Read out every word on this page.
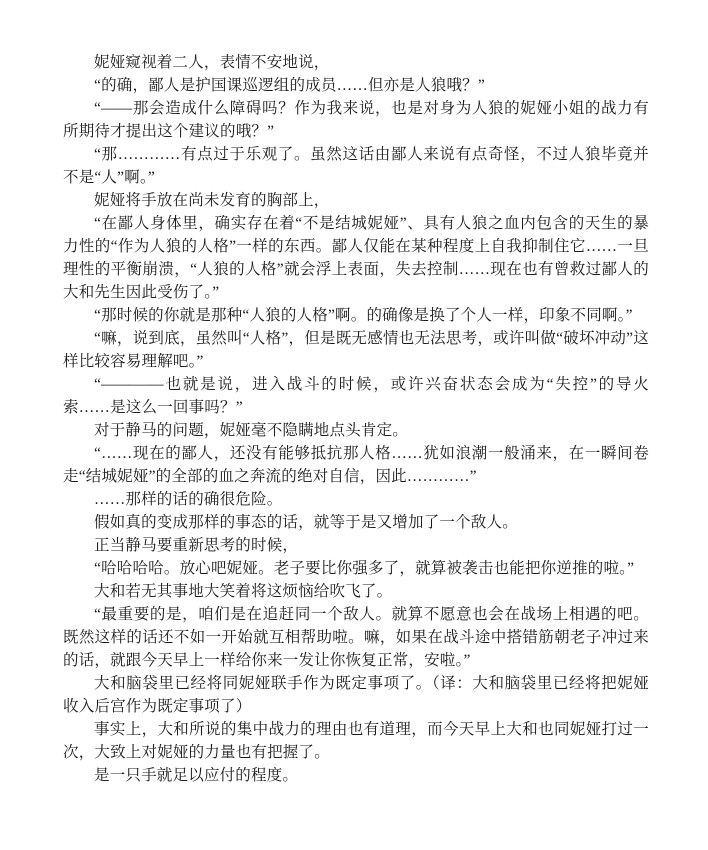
妮娅窥视着二人，表情不安地说，

“的确，鄙人是护国课巡逻组的成员……但亦是人狼哦？”

“——那会造成什么障碍吗？作为我来说，也是对身为人狼的妮娅小姐的战力有所期待才提出这个建议的哦？”

“那…………有点过于乐观了。虽然这话由鄙人来说有点奇怪，不过人狼毕竟并不是“人”啊。”

妮娅将手放在尚未发育的胸部上，

“在鄙人身体里，确实存在着“不是结城妮娅”、具有人狼之血内包含的天生的暴力性的“作为人狼的人格”一样的东西。鄙人仅能在某种程度上自我抑制住它……一旦理性的平衡崩溃，“人狼的人格”就会浮上表面，失去控制……现在也有曾救过鄙人的大和先生因此受伤了。”

“那时候的你就是那种“人狼的人格”啊。的确像是换了个人一样，印象不同啊。”

“嘛，说到底，虽然叫“人格”，但是既无感情也无法思考，或许叫做“破坏冲动”这样比较容易理解吧。”

“————也就是说，进入战斗的时候，或许兴奋状态会成为“失控”的导火索……是这么一回事吗？”

对于静马的问题，妮娅毫不隐瞒地点头肯定。

“……现在的鄙人，还没有能够抵抗那人格……犹如浪潮一般涌来，在一瞬间卷走“结城妮娅”的全部的血之奔流的绝对自信，因此…………”

……那样的话的确很危险。

假如真的变成那样的事态的话，就等于是又增加了一个敌人。

正当静马要重新思考的时候，

“哈哈哈哈。放心吧妮娅。老子要比你强多了，就算被袭击也能把你逆推的啦。”

大和若无其事地大笑着将这烦恼给吹飞了。

“最重要的是，咱们是在追赶同一个敌人。就算不愿意也会在战场上相遇的吧。既然这样的话还不如一开始就互相帮助啦。嘛，如果在战斗途中搭错筋朝老子冲过来的话，就跟今天早上一样给你来一发让你恢复正常，安啦。”

大和脑袋里已经将同妮娅联手作为既定事项了。（译：大和脑袋里已经将把妮娅收入后宫作为既定事项了）

事实上，大和所说的集中战力的理由也有道理，而今天早上大和也同妮娅打过一次，大致上对妮娅的力量也有把握了。

是一只手就足以应付的程度。
